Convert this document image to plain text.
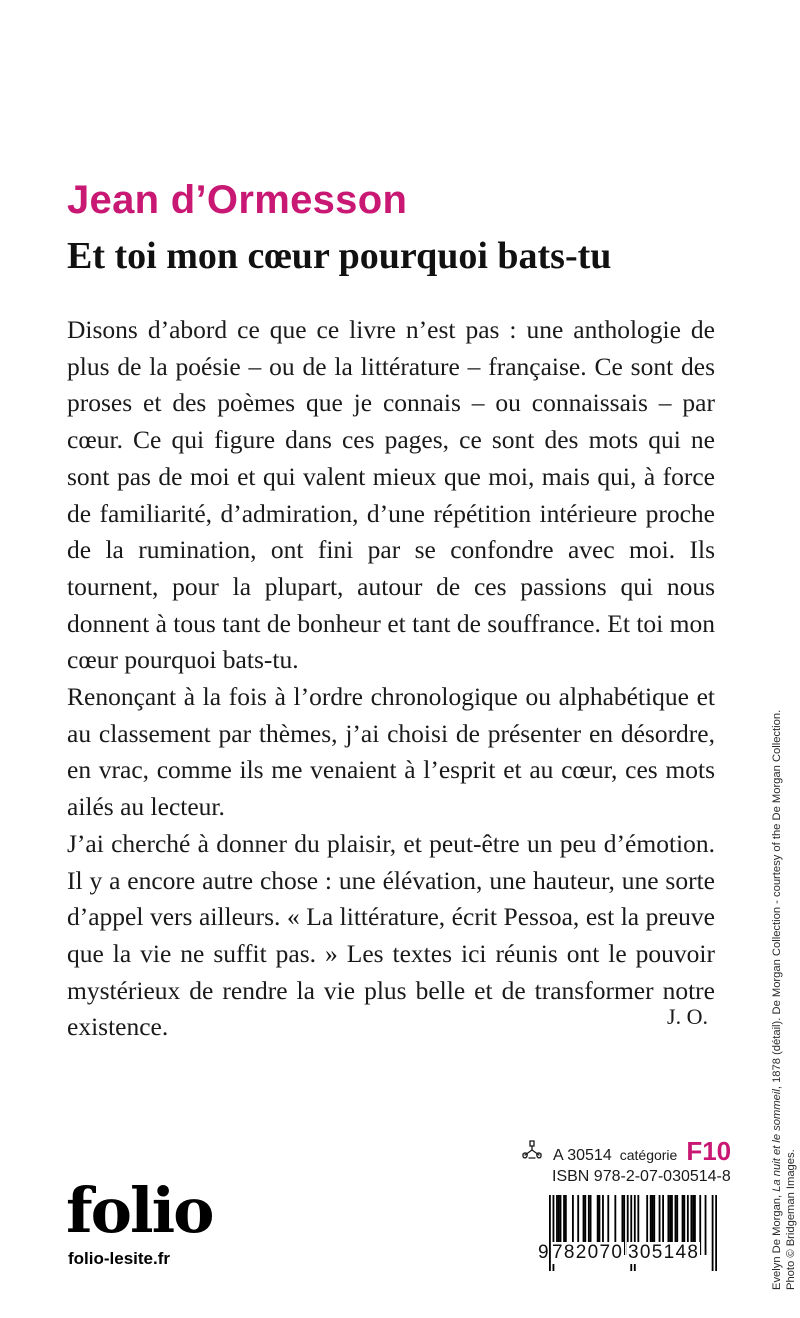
Jean d’Ormesson
Et toi mon cœur pourquoi bats-tu

Disons d’abord ce que ce livre n’est pas : une anthologie de plus de la poésie – ou de la littérature – française. Ce sont des proses et des poèmes que je connais – ou connaissais – par cœur. Ce qui figure dans ces pages, ce sont des mots qui ne sont pas de moi et qui valent mieux que moi, mais qui, à force de familiarité, d’admiration, d’une répétition intérieure proche de la rumination, ont fini par se confondre avec moi. Ils tournent, pour la plupart, autour de ces passions qui nous donnent à tous tant de bonheur et tant de souffrance. Et toi mon cœur pourquoi bats-tu.

Renonçant à la fois à l’ordre chronologique ou alphabétique et au classement par thèmes, j’ai choisi de présenter en désordre, en vrac, comme ils me venaient à l’esprit et au cœur, ces mots ailés au lecteur.

J’ai cherché à donner du plaisir, et peut-être un peu d’émotion. Il y a encore autre chose : une élévation, une hauteur, une sorte d’appel vers ailleurs. « La littérature, écrit Pessoa, est la preuve que la vie ne suffit pas. » Les textes ici réunis ont le pouvoir mystérieux de rendre la vie plus belle et de transformer notre existence.	J. O.
A 30514 catégorie F10
ISBN 978-2-07-030514-8
9 782070 305148
folio
folio-lesite.fr	Evelyn De Morgan, La nuit et le sommeil, 1878 (détail). De Morgan Collection - courtesy of the De Morgan Collection.
Photo © Bridgeman Images.
